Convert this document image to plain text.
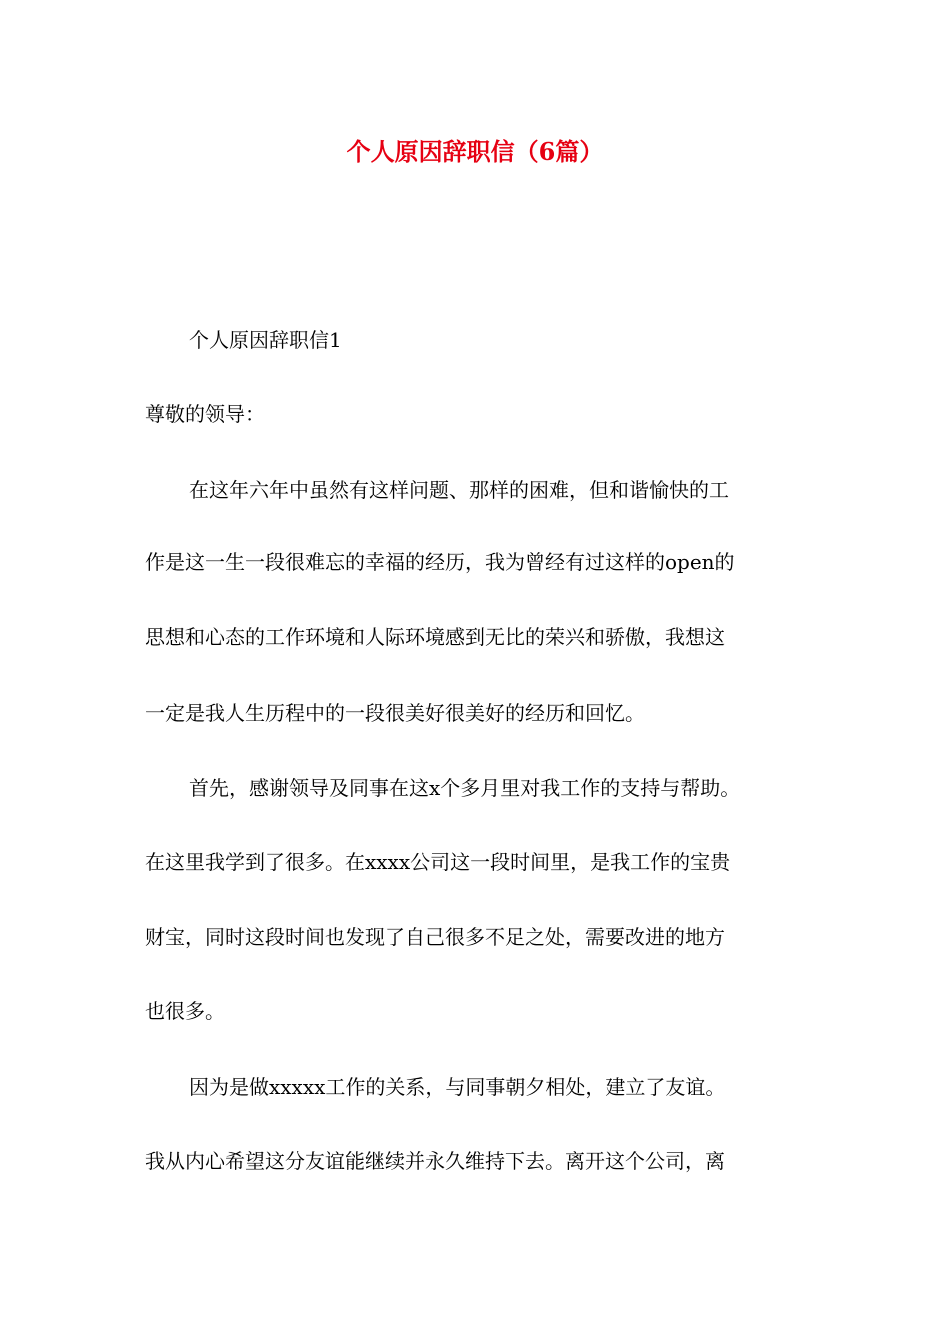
个人原因辞职信（6篇）

个人原因辞职信1

尊敬的领导：

在这年六年中虽然有这样问题、那样的困难，但和谐愉快的工

作是这一生一段很难忘的幸福的经历，我为曾经有过这样的open的

思想和心态的工作环境和人际环境感到无比的荣兴和骄傲，我想这

一定是我人生历程中的一段很美好很美好的经历和回忆。

首先，感谢领导及同事在这x个多月里对我工作的支持与帮助。

在这里我学到了很多。在xxxx公司这一段时间里，是我工作的宝贵

财宝，同时这段时间也发现了自己很多不足之处，需要改进的地方

也很多。

因为是做xxxxx工作的关系，与同事朝夕相处，建立了友谊。

我从内心希望这分友谊能继续并永久维持下去。离开这个公司，离
